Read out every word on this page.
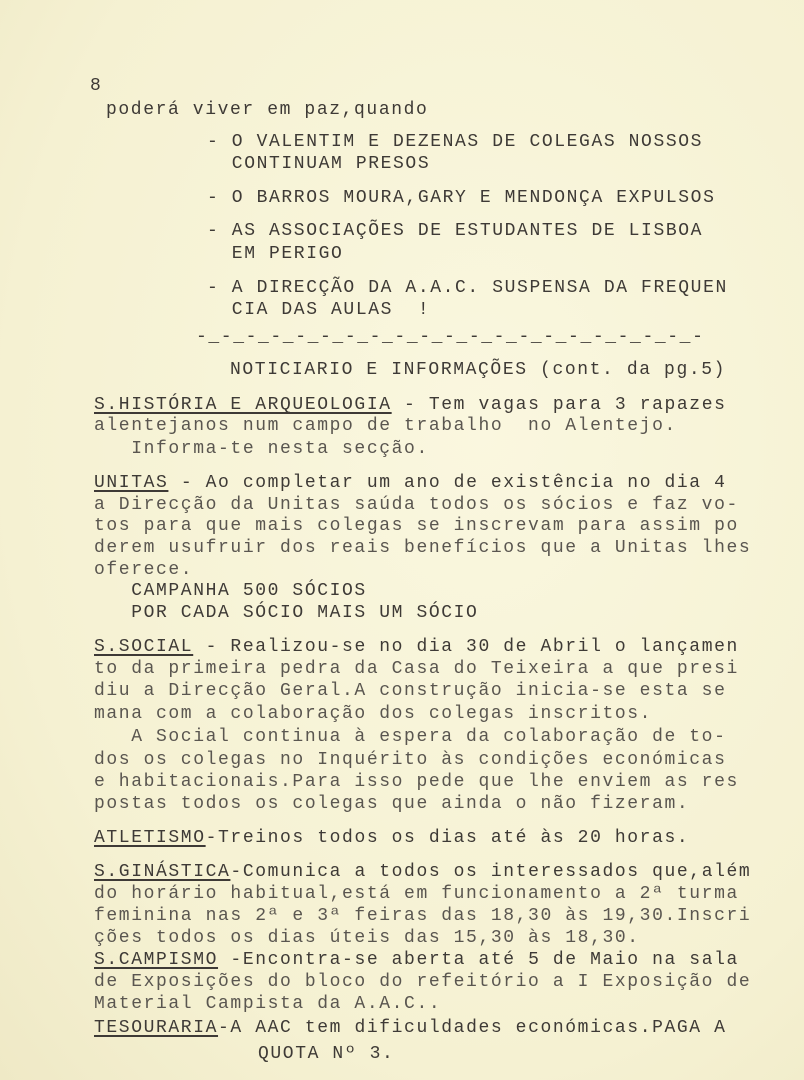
8
poderá viver em paz,quando
- O VALENTIM E DEZENAS DE COLEGAS NOSSOS
CONTINUAM PRESOS
- O BARROS MOURA,GARY E MENDONÇA EXPULSOS
- AS ASSOCIAÇÕES DE ESTUDANTES DE LISBOA
EM PERIGO
- A DIRECÇÃO DA A.A.C. SUSPENSA DA FREQUEN
CIA DAS AULAS  !
-_-_-_-_-_-_-_-_-_-_-_-_-_-_-_-_-_-_-_-_-
NOTICIARIO E INFORMAÇÕES (cont. da pg.5)
S.HISTÓRIA E ARQUEOLOGIA - Tem vagas para 3 rapazes
alentejanos num campo de trabalho  no Alentejo.
Informa-te nesta secção.
UNITAS - Ao completar um ano de existência no dia 4
a Direcção da Unitas saúda todos os sócios e faz vo-
tos para que mais colegas se inscrevam para assim po
derem usufruir dos reais benefícios que a Unitas lhes
oferece.
CAMPANHA 500 SÓCIOS
POR CADA SÓCIO MAIS UM SÓCIO
S.SOCIAL - Realizou-se no dia 30 de Abril o lançamen
to da primeira pedra da Casa do Teixeira a que presi
diu a Direcção Geral.A construção inicia-se esta se
mana com a colaboração dos colegas inscritos.
A Social continua à espera da colaboração de to-
dos os colegas no Inquérito às condições económicas
e habitacionais.Para isso pede que lhe enviem as res
postas todos os colegas que ainda o não fizeram.
ATLETISMO-Treinos todos os dias até às 20 horas.
S.GINÁSTICA-Comunica a todos os interessados que,além
do horário habitual,está em funcionamento a 2ª turma
feminina nas 2ª e 3ª feiras das 18,30 às 19,30.Inscri
ções todos os dias úteis das 15,30 às 18,30.
S.CAMPISMO -Encontra-se aberta até 5 de Maio na sala
de Exposições do bloco do refeitório a I Exposição de
Material Campista da A.A.C..
TESOURARIA-A AAC tem dificuldades económicas.PAGA A
QUOTA Nº 3.
